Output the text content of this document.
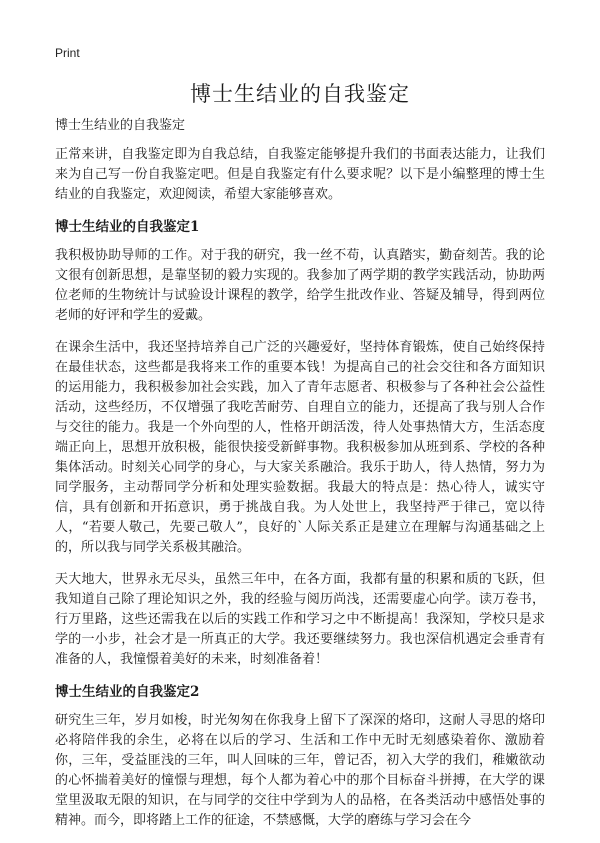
Print
博士生结业的自我鉴定

博士生结业的自我鉴定

正常来讲，自我鉴定即为自我总结，自我鉴定能够提升我们的书面表达能力，让我们来为自己写一份自我鉴定吧。但是自我鉴定有什么要求呢？以下是小编整理的博士生结业的自我鉴定，欢迎阅读，希望大家能够喜欢。

博士生结业的自我鉴定1

我积极协助导师的工作。对于我的研究，我一丝不苟，认真踏实，勤奋刻苦。我的论文很有创新思想，是靠坚韧的毅力实现的。我参加了两学期的教学实践活动，协助两位老师的生物统计与试验设计课程的教学，给学生批改作业、答疑及辅导，得到两位老师的好评和学生的爱戴。

在课余生活中，我还坚持培养自己广泛的兴趣爱好，坚持体育锻炼，使自己始终保持在最佳状态，这些都是我将来工作的重要本钱！为提高自己的社会交往和各方面知识的运用能力，我积极参加社会实践，加入了青年志愿者、积极参与了各种社会公益性活动，这些经历，不仅增强了我吃苦耐劳、自理自立的能力，还提高了我与别人合作与交往的能力。我是一个外向型的人，性格开朗活泼，待人处事热情大方，生活态度端正向上，思想开放积极，能很快接受新鲜事物。我积极参加从班到系、学校的各种集体活动。时刻关心同学的身心，与大家关系融洽。我乐于助人，待人热情，努力为同学服务，主动帮同学分析和处理实验数据。我最大的特点是：热心待人，诚实守信，具有创新和开拓意识，勇于挑战自我。为人处世上，我坚持严于律己，宽以待人，“若要人敬己，先要己敬人”，良好的`人际关系正是建立在理解与沟通基础之上的，所以我与同学关系极其融洽。

天大地大，世界永无尽头，虽然三年中，在各方面，我都有量的积累和质的飞跃，但我知道自己除了理论知识之外，我的经验与阅历尚浅，还需要虚心向学。读万卷书，行万里路，这些还需我在以后的实践工作和学习之中不断提高！我深知，学校只是求学的一小步，社会才是一所真正的大学。我还要继续努力。我也深信机遇定会垂青有准备的人，我憧憬着美好的未来，时刻准备着！

博士生结业的自我鉴定2

研究生三年，岁月如梭，时光匆匆在你我身上留下了深深的烙印，这耐人寻思的烙印必将陪伴我的余生，必将在以后的学习、生活和工作中无时无刻感染着你、激励着你，三年，受益匪浅的三年，叫人回味的三年，曾记否，初入大学的我们，稚嫩欲动的心怀揣着美好的憧憬与理想，每个人都为着心中的那个目标奋斗拼搏，在大学的课堂里汲取无限的知识，在与同学的交往中学到为人的品格，在各类活动中感悟处事的精神。而今，即将踏上工作的征途，不禁感慨，大学的磨练与学习会在今
